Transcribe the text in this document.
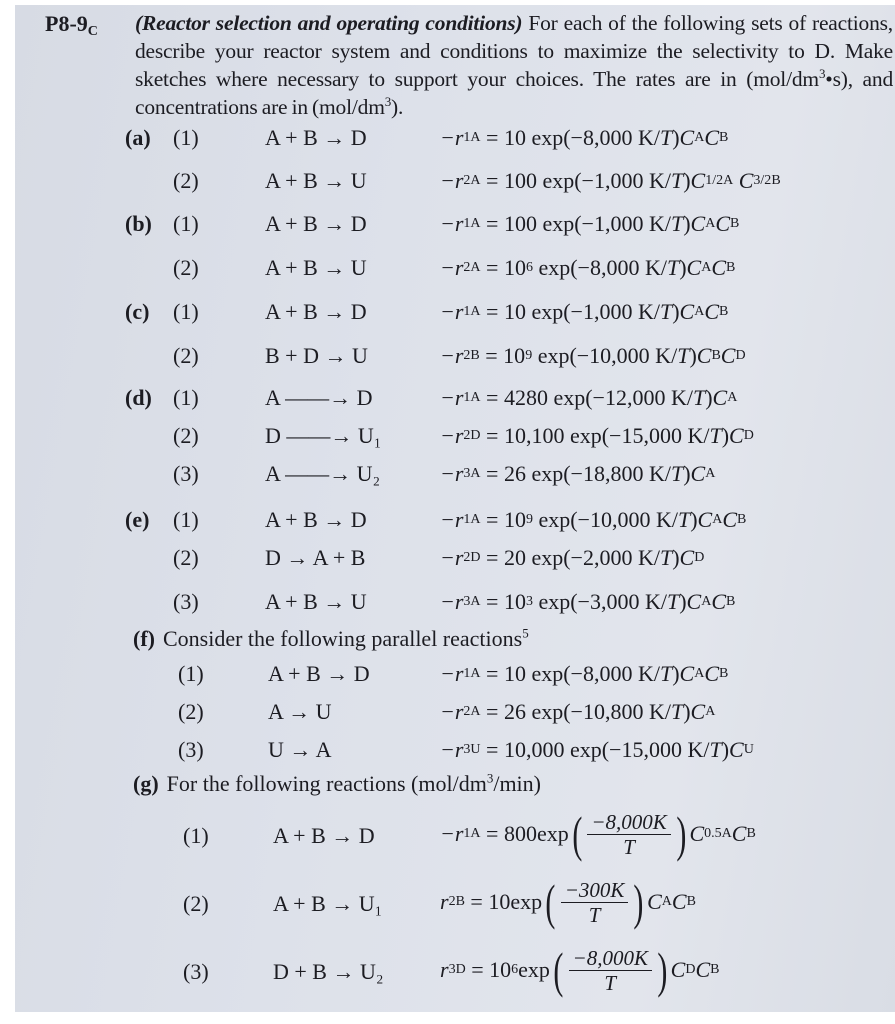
$P8-9_C$ (Reactor selection and operating conditions) For each of the following sets of reactions, describe your reactor system and conditions to maximize the selectivity to D. Make sketches where necessary to support your choices. The rates are in $(mol/dm^3•s)$, and concentrations are in $(mol/dm^3)$.
(f) Consider the following parallel reactions$^5$
(g) For the following reactions $(mol/dm^3/\min)$
(a) (1)	A + B → D	−r 1A = 10 exp(−8,000 K/ T ) C A C B
(2)	A + B → U	−r 2A = 100 exp(−1,000 K/ T ) C 1/2 A C 3/2 B
(b) (1)	A + B → D	−r 1A = 100 exp(−1,000 K/ T ) C A C B
(2)	A + B → U	−r 2A = 10 6 exp(−8,000 K/ T ) C A C B
(c) (1)	A + B → D	−r 1A = 10 exp(−1,000 K/ T ) C A C B
(2)	B + D → U	−r 2B = 10 9 exp(−10,000 K/ T ) C B C D
(d) (1)	A ——→ D	−r 1A = 4280 exp(−12,000 K/ T ) C A
(2)	D ——→ U₁	−r 2D = 10,100 exp(−15,000 K/ T ) C D
(3)	A ——→ U₂	−r 3A = 26 exp(−18,800 K/ T ) C A
(e) (1)	A + B → D	−r 1A = 10 9 exp(−10,000 K/ T ) C A C B
(2)	D → A + B	−r 2D = 20 exp(−2,000 K/ T ) C D
(3)	A + B → U	−r 3A = 10 3 exp(−3,000 K/ T ) C A C B
(1)	A + B → D	−r 1A = 10 exp(−8,000 K/ T ) C A C B
(2)	A → U	−r 2A = 26 exp(−10,800 K/ T ) C A
(3)	U → A	−r 3U = 10,000 exp(−15,000 K/ T ) C U
(1)	A + B → D	−r 1A = 800exp ( $\frac{-8,000K}{T}$ ) C 0.5 A C B
(2)	A + B → U₁	r 2B = 10exp ( $\frac{-300K}{T}$ ) C A C B
(3)	D + B → U₂	r 3D = 10 6 exp ( $\frac{-8,000K}{T}$ ) C D C B
